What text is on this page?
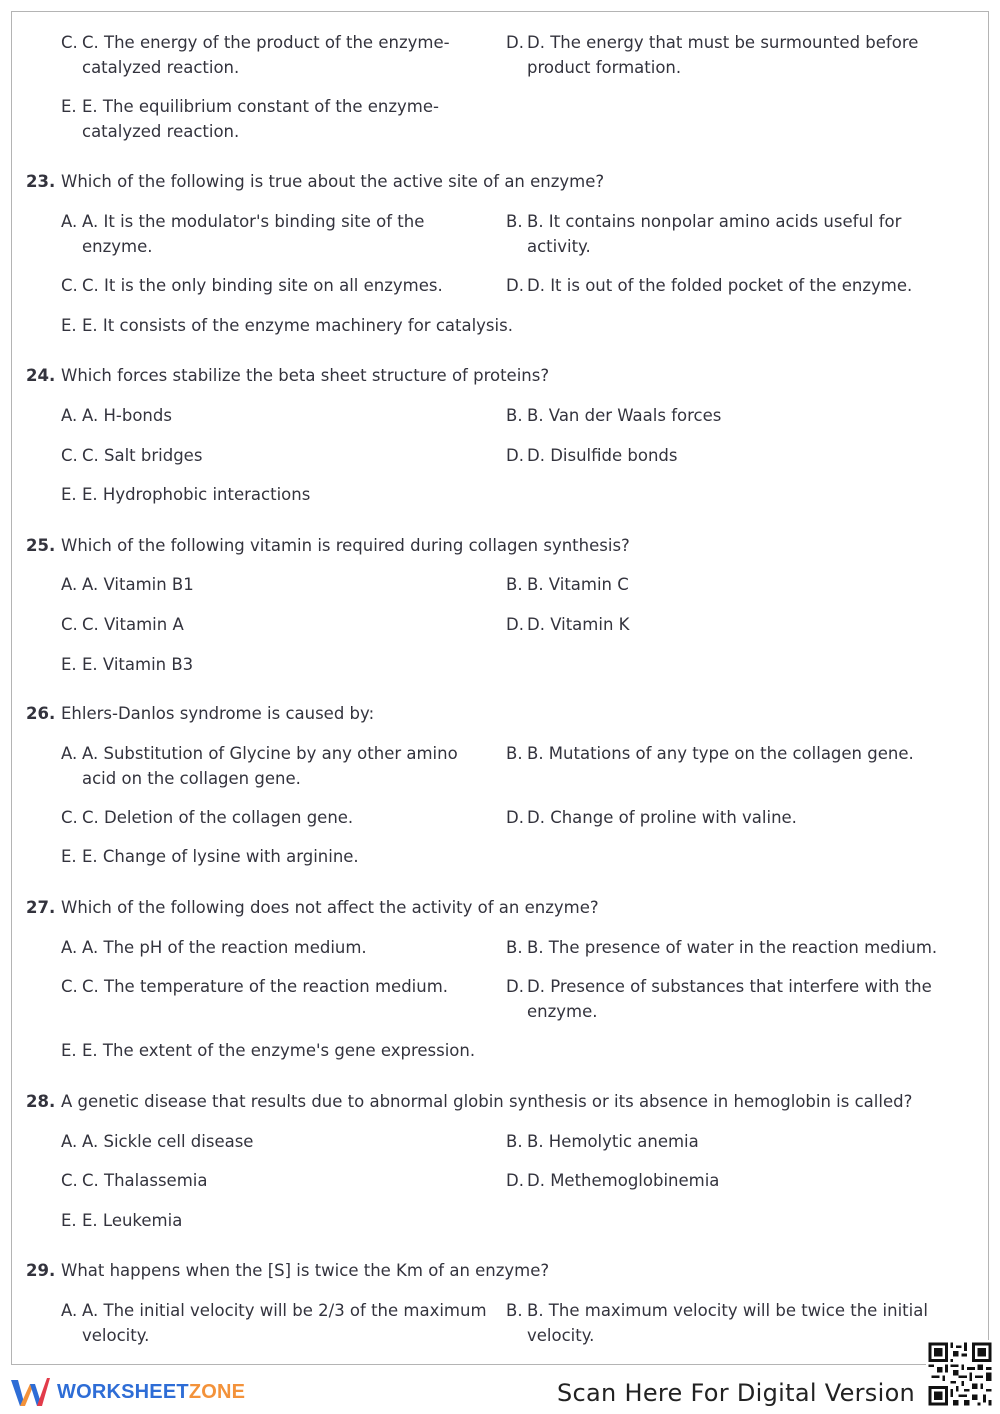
C. C. The energy of the product of the enzyme-catalyzed reaction.
D. D. The energy that must be surmounted before product formation.
E. E. The equilibrium constant of the enzyme-catalyzed reaction.
23. Which of the following is true about the active site of an enzyme?
A. A. It is the modulator's binding site of the enzyme.
B. B. It contains nonpolar amino acids useful for activity.
C. C. It is the only binding site on all enzymes.	D. D. It is out of the folded pocket of the enzyme.
E. E. It consists of the enzyme machinery for catalysis.
24. Which forces stabilize the beta sheet structure of proteins?
A. A. H-bonds	B. B. Van der Waals forces
C. C. Salt bridges	D. D. Disulfide bonds
E. E. Hydrophobic interactions
25. Which of the following vitamin is required during collagen synthesis?
A. A. Vitamin B1	B. B. Vitamin C
C. C. Vitamin A	D. D. Vitamin K
E. E. Vitamin B3
26. Ehlers-Danlos syndrome is caused by:
A. A. Substitution of Glycine by any other amino acid on the collagen gene.
B. B. Mutations of any type on the collagen gene.
C. C. Deletion of the collagen gene.	D. D. Change of proline with valine.
E. E. Change of lysine with arginine.
27. Which of the following does not affect the activity of an enzyme?
A. A. The pH of the reaction medium.	B. B. The presence of water in the reaction medium.
C. C. The temperature of the reaction medium.	D. D. Presence of substances that interfere with the enzyme.
E. E. The extent of the enzyme's gene expression.
28. A genetic disease that results due to abnormal globin synthesis or its absence in hemoglobin is called?
A. A. Sickle cell disease	B. B. Hemolytic anemia
C. C. Thalassemia	D. D. Methemoglobinemia
E. E. Leukemia
29. What happens when the [S] is twice the Km of an enzyme?
A. A. The initial velocity will be 2/3 of the maximum velocity.
B. B. The maximum velocity will be twice the initial velocity.
WORKSHEETZONE	Scan Here For Digital Version
